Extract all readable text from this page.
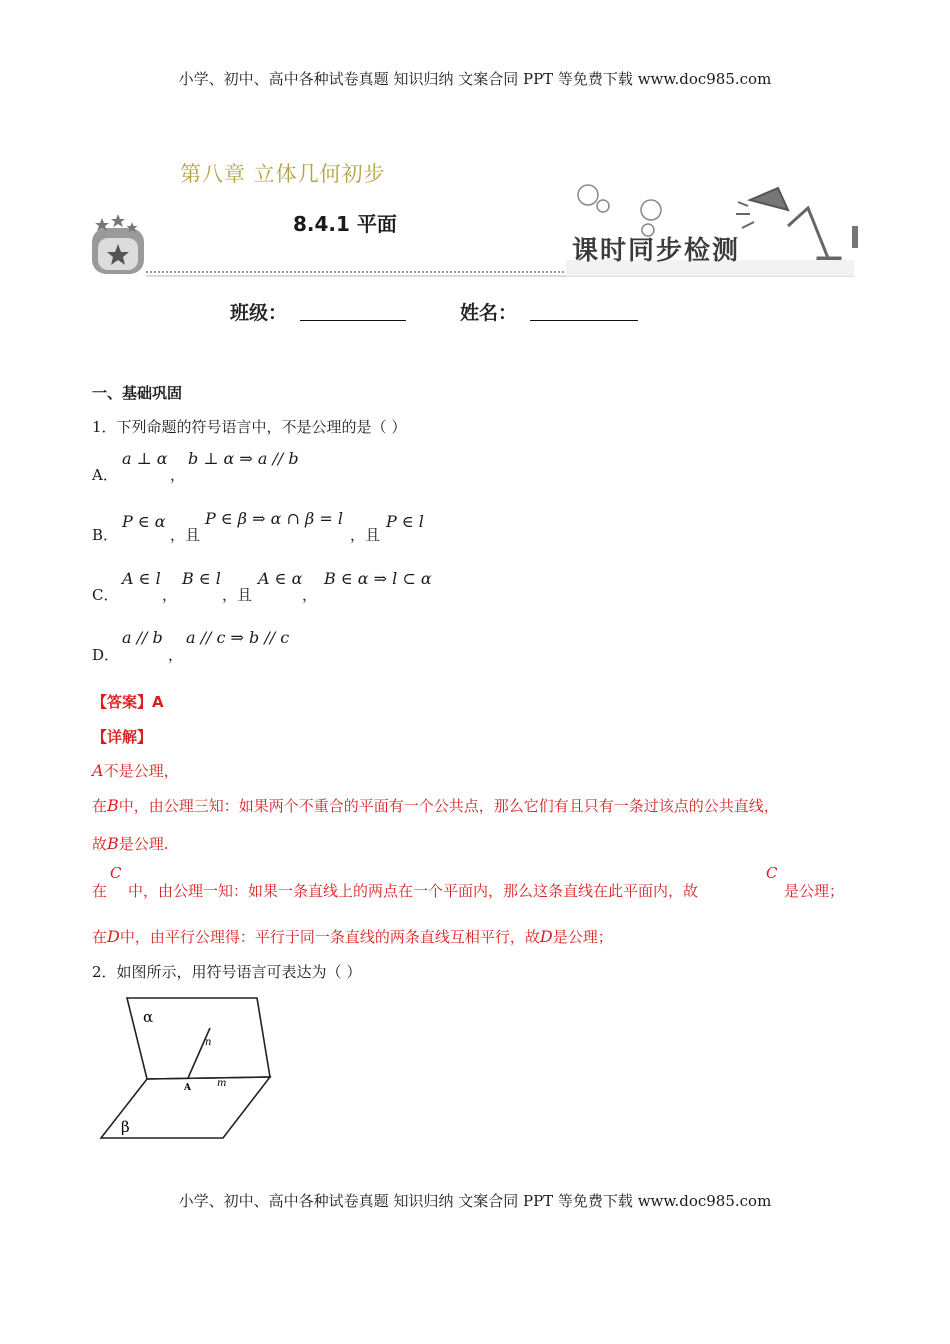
小学、初中、高中各种试卷真题 知识归纳 文案合同 PPT 等免费下载 www.doc985.com
小学、初中、高中各种试卷真题 知识归纳 文案合同 PPT 等免费下载 www.doc985.com
第八章 立体几何初步
8.4.1 平面
课时同步检测
班级：	姓名：
一、基础巩固
1．下列命题的符号语言中，不是公理的是（ ）
A．
a ⊥ α
，
b ⊥ α ⇒ a // b
B．
P ∈ α
，且
P ∈ β ⇒ α ∩ β = l
，且
P ∈ l
C．
A ∈ l
，
B ∈ l
，且
A ∈ α
，
B ∈ α ⇒ l ⊂ α
D．
a // b
，
a // c ⇒ b // c
【答案】A
【详解】
A不是公理，
在B中，由公理三知：如果两个不重合的平面有一个公共点，那么它们有且只有一条过该点的公共直线，
故B是公理.
在
C
中，由公理一知：如果一条直线上的两点在一个平面内，那么这条直线在此平面内，故
C
是公理；
在D中，由平行公理得：平行于同一条直线的两条直线互相平行，故D是公理；
2．如图所示，用符号语言可表达为（ ）
α
β
n
m
A
